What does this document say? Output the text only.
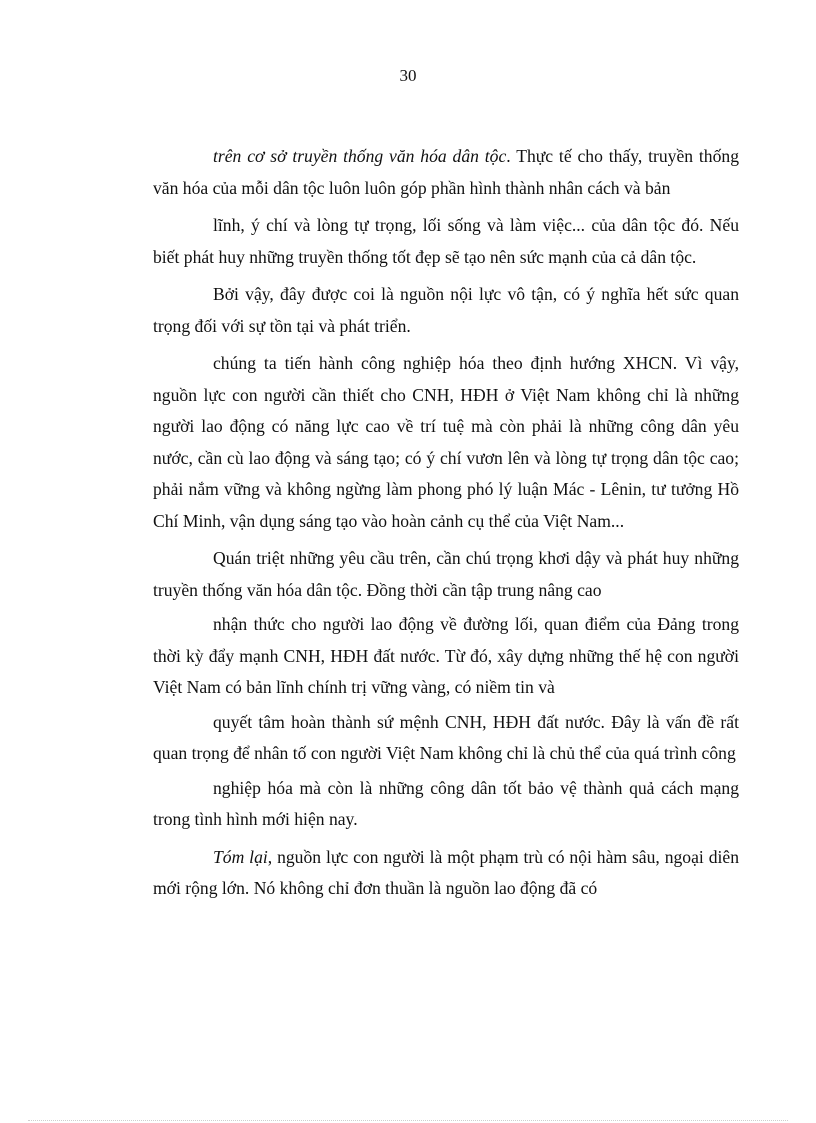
30

trên cơ sở truyền thống văn hóa dân tộc. Thực tế cho thấy, truyền thống văn hóa của mỗi dân tộc luôn luôn góp phần hình thành nhân cách và bản

lĩnh, ý chí và lòng tự trọng, lối sống và làm việc... của dân tộc đó. Nếu biết phát huy những truyền thống tốt đẹp sẽ tạo nên sức mạnh của cả dân tộc.

Bởi vậy, đây được coi là nguồn nội lực vô tận, có ý nghĩa hết sức quan trọng đối với sự tồn tại và phát triển.

chúng ta tiến hành công nghiệp hóa theo định hướng XHCN. Vì vậy, nguồn lực con người cần thiết cho CNH, HĐH ở Việt Nam không chỉ là những người lao động có năng lực cao về trí tuệ mà còn phải là những công dân yêu nước, cần cù lao động và sáng tạo; có ý chí vươn lên và lòng tự trọng dân tộc cao; phải nắm vững và không ngừng làm phong phó lý luận Mác - Lênin, tư tưởng Hồ Chí Minh, vận dụng sáng tạo vào hoàn cảnh cụ thể của Việt Nam...

Quán triệt những yêu cầu trên, cần chú trọng khơi dậy và phát huy những truyền thống văn hóa dân tộc. Đồng thời cần tập trung nâng cao

nhận thức cho người lao động về đường lối, quan điểm của Đảng trong thời kỳ đẩy mạnh CNH, HĐH đất nước. Từ đó, xây dựng những thế hệ con người Việt Nam có bản lĩnh chính trị vững vàng, có niềm tin và

quyết tâm hoàn thành sứ mệnh CNH, HĐH đất nước. Đây là vấn đề rất quan trọng để nhân tố con người Việt Nam không chỉ là chủ thể của quá trình công

nghiệp hóa mà còn là những công dân tốt bảo vệ thành quả cách mạng trong tình hình mới hiện nay.

Tóm lại, nguồn lực con người là một phạm trù có nội hàm sâu, ngoại diên mới rộng lớn. Nó không chỉ đơn thuần là nguồn lao động đã có
